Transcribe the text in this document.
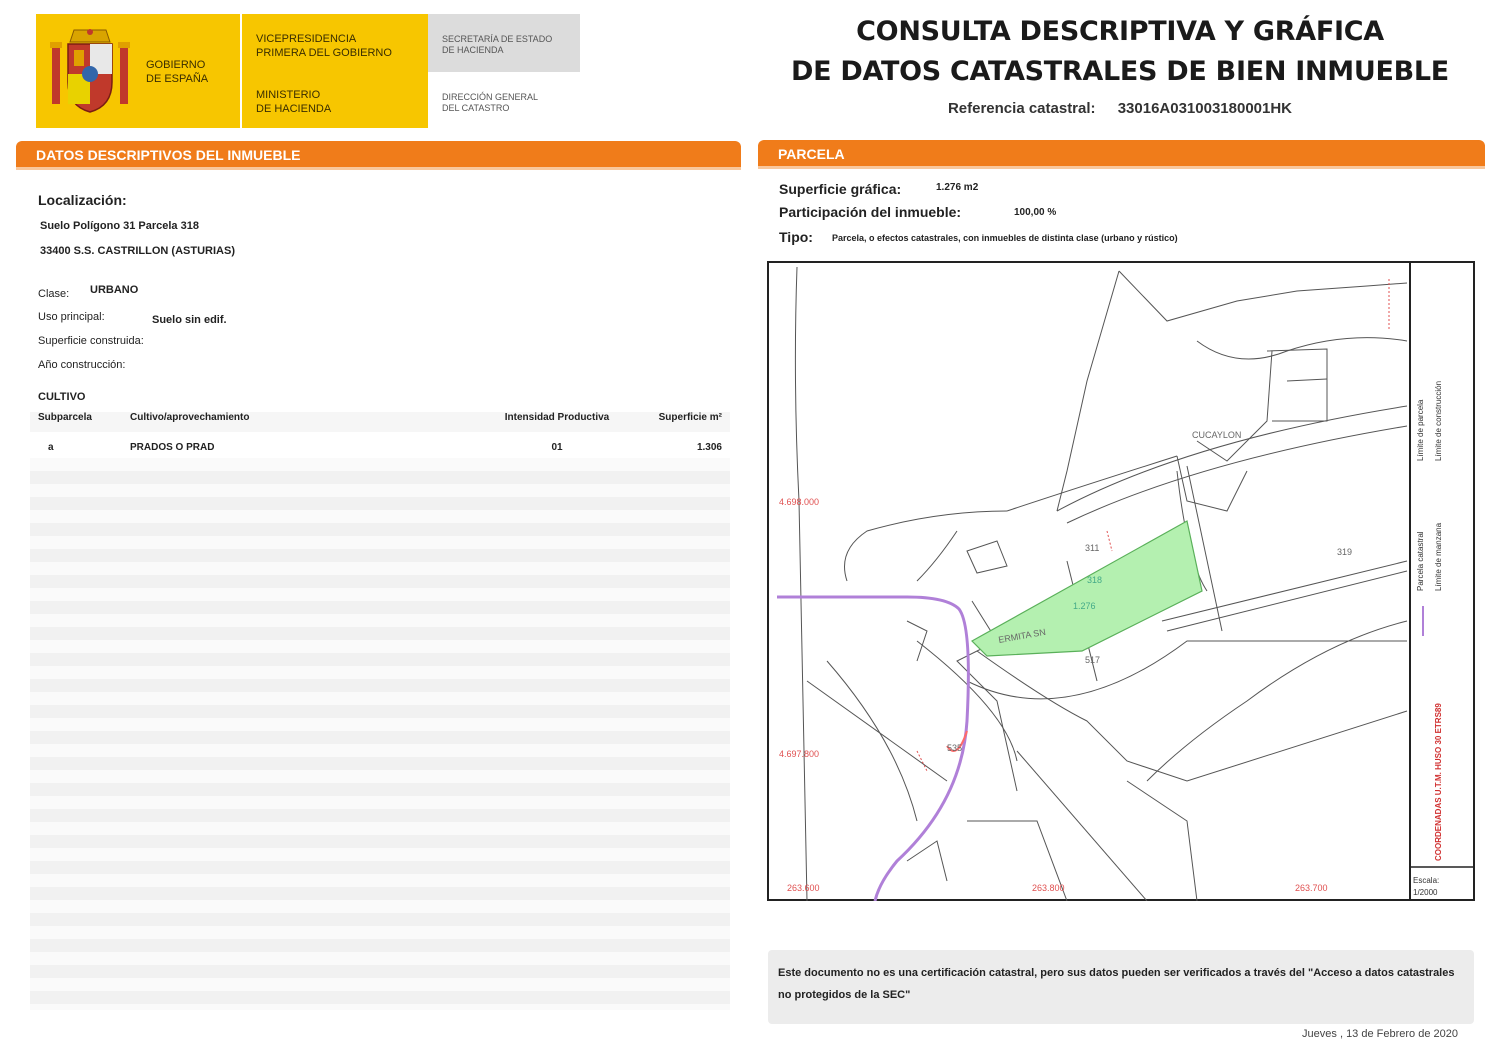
GOBIERNO
DE ESPAÑA
VICEPRESIDENCIA
PRIMERA DEL GOBIERNO
MINISTERIO
DE HACIENDA
SECRETARÍA DE ESTADO
DE HACIENDA
DIRECCIÓN GENERAL
DEL CATASTRO
CONSULTA DESCRIPTIVA Y GRÁFICA
DE DATOS CATASTRALES DE BIEN INMUEBLE
Referencia catastral: 33016A031003180001HK
DATOS DESCRIPTIVOS DEL INMUEBLE
Localización:
Suelo Polígono 31 Parcela 318
33400 S.S. CASTRILLON (ASTURIAS)
Clase: URBANO
Uso principal:	Suelo sin edif.
Superficie construida:
Año construcción:
CULTIVO
Subparcela	Cultivo/aprovechamiento	Intensidad Productiva	Superficie m²
a	PRADOS O PRAD	01	1.306
PARCELA
Superficie gráfica:	1.276 m2
Participación del inmueble:	100,00 %
Tipo: Parcela, o efectos catastrales, con inmuebles de distinta clase (urbano y rústico)
CUCAYLON
311
318
1.276
ERMITA SN
517
319
535
4.698.000
4.697.800
263.600	263.800	263.700
Parcela catastral Límite de manzana
Límite de parcela Límite de construcción
COORDENADAS U.T.M. HUSO 30 ETRS89
Escala:
1/2000

Este documento no es una certificación catastral, pero sus datos pueden ser verificados a través del "Acceso a datos catastrales no protegidos de la SEC"

Jueves , 13 de Febrero de 2020
